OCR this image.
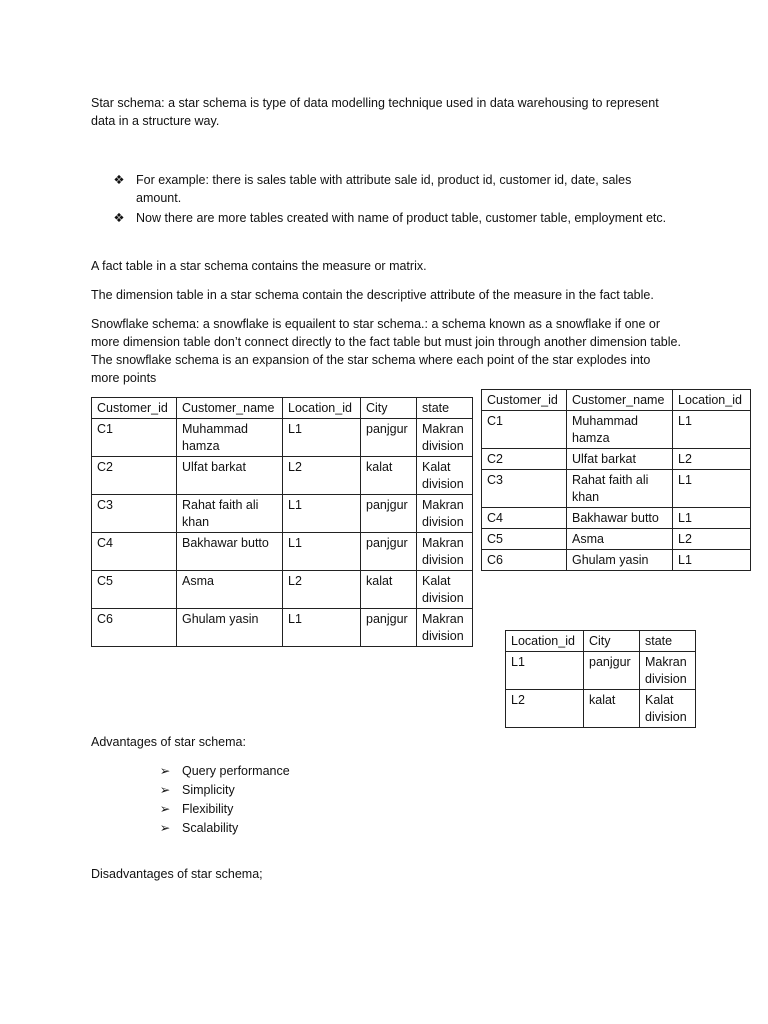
Star schema: a star schema is type of data modelling technique used in data warehousing to represent data in a structure way.

❖ For example: there is sales table with attribute sale id, product id, customer id, date, sales amount.
❖ Now there are more tables created with name of product table, customer table, employment etc.

A fact table in a star schema contains the measure or matrix.

The dimension table in a star schema contain the descriptive attribute of the measure in the fact table.

Snowflake schema: a snowflake is equailent to star schema.: a schema known as a snowflake if one or more dimension table don’t connect directly to the fact table but must join through another dimension table. The snowflake schema is an expansion of the star schema where each point of the star explodes into more points

Customer_id	Customer_name	Location_id	City	state
C1	Muhammad hamza	L1	panjgur	Makran division
C2	Ulfat barkat	L2	kalat	Kalat division
C3	Rahat faith ali khan	L1	panjgur	Makran division
C4	Bakhawar butto	L1	panjgur	Makran division
C5	Asma	L2	kalat	Kalat division
C6	Ghulam yasin	L1	panjgur	Makran division
Customer_id	Customer_name	Location_id
C1	Muhammad hamza	L1
C2	Ulfat barkat	L2
C3	Rahat faith ali khan	L1
C4	Bakhawar butto	L1
C5	Asma	L2
C6	Ghulam yasin	L1
Location_id	City	state
L1	panjgur	Makran division
L2	kalat	Kalat division

Advantages of star schema:

➢ Query performance
➢ Simplicity
➢ Flexibility
➢ Scalability

Disadvantages of star schema;
